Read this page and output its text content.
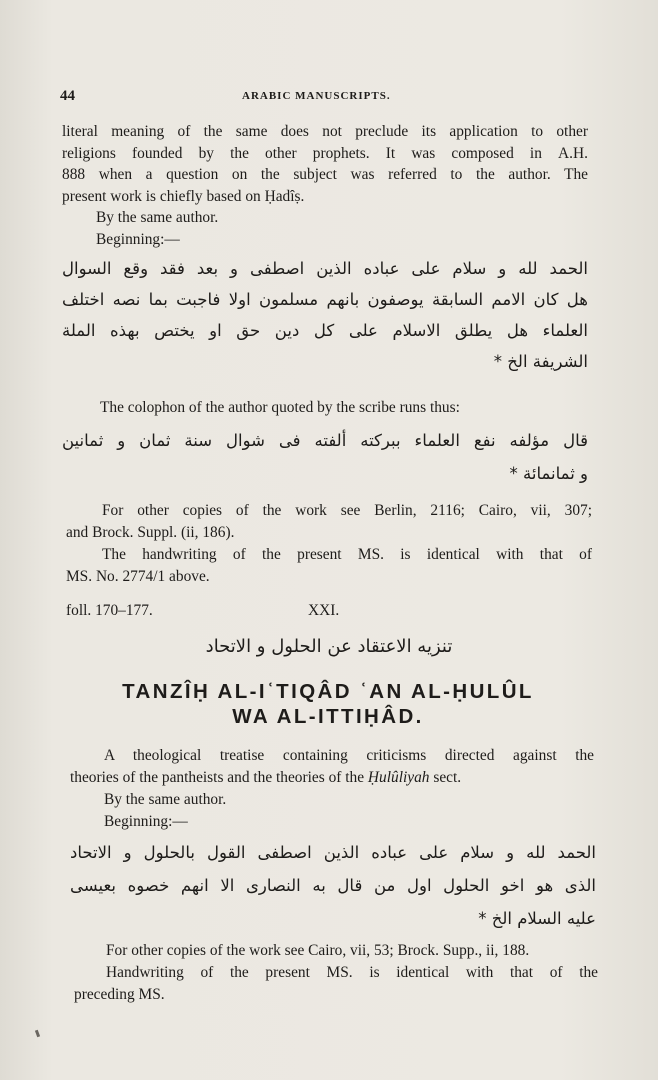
44	ARABIC MANUSCRIPTS.
literal meaning of the same does not preclude its application to other
religions founded by the other prophets. It was composed in A.H.
888 when a question on the subject was referred to the author. The
present work is chiefly based on Ḥadîṣ.
By the same author.
Beginning:—
الحمد لله و سلام على عباده الذين اصطفى و بعد فقد وقع السوال
هل كان الامم السابقة يوصفون بانهم مسلمون اولا فاجبت بما نصه اختلف
العلماء هل يطلق الاسلام على كل دين حق او يختص بهذه الملة
الشريفة الخ *
The colophon of the author quoted by the scribe runs thus:
قال مؤلفه نفع العلماء ببركته ألفته فى شوال سنة ثمان و ثمانين
و ثمانمائة *
For other copies of the work see Berlin, 2116; Cairo, vii, 307;
and Brock. Suppl. (ii, 186).
The handwriting of the present MS. is identical with that of
MS. No. 2774/1 above.
foll. 170–177.	XXI.
تنزيه الاعتقاد عن الحلول و الاتحاد
TANZÎḤ AL-IʿTIQÂD ʿAN AL-ḤULÛL
WA AL-ITTIḤÂD.
A theological treatise containing criticisms directed against the
theories of the pantheists and the theories of the Ḥulûliyah sect.
By the same author.
Beginning:—
الحمد لله و سلام على عباده الذين اصطفى القول بالحلول و الاتحاد
الذى هو اخو الحلول اول من قال به النصارى الا انهم خصوه بعيسى
عليه السلام الخ *
For other copies of the work see Cairo, vii, 53; Brock. Supp., ii, 188.
Handwriting of the present MS. is identical with that of the
preceding MS.
